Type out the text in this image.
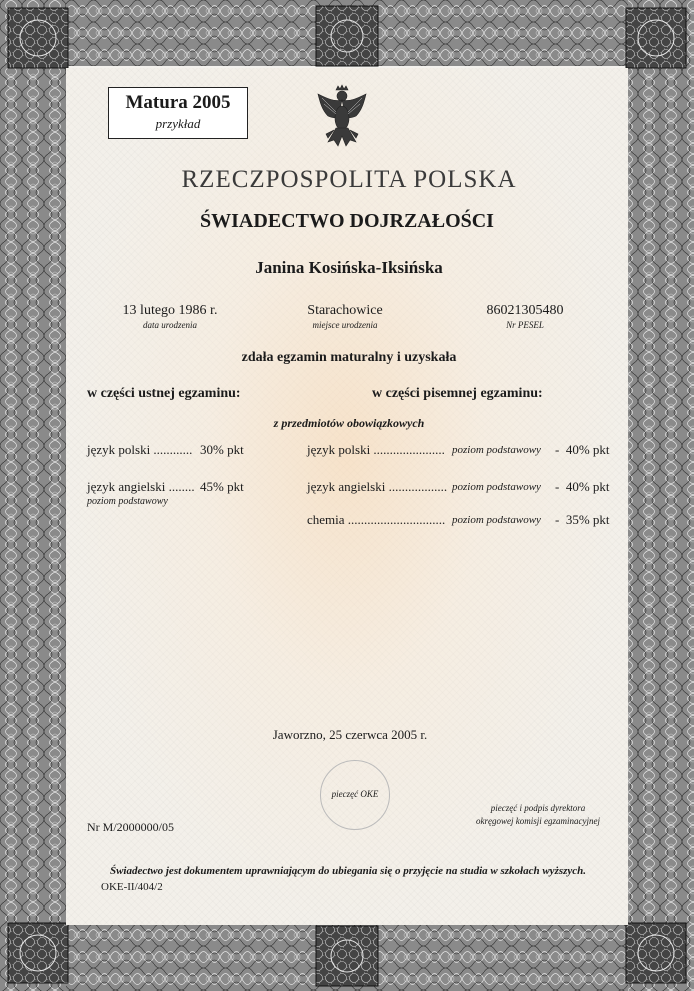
Matura 2005
przykład
RZECZPOSPOLITA POLSKA
ŚWIADECTWO DOJRZAŁOŚCI
Janina Kosińska-Iksińska
13 lutego 1986 r.
data urodzenia
Starachowice
miejsce urodzenia
86021305480
Nr PESEL
zdała egzamin maturalny i uzyskała
w części ustnej egzaminu:	w części pisemnej egzaminu:
z przedmiotów obowiązkowych
język polski ............ 30% pkt
język angielski ........ 45% pkt
poziom podstawowy
język polski ...................... poziom podstawowy -  40% pkt
język angielski .................. poziom podstawowy -  40% pkt
chemia .............................. poziom podstawowy -  35% pkt
Jaworzno, 25 czerwca 2005 r.
pieczęć OKE
pieczęć i podpis dyrektora
okręgowej komisji egzaminacyjnej
Nr M/2000000/05
Świadectwo jest dokumentem uprawniającym do ubiegania się o przyjęcie na studia w szkołach wyższych.
OKE-II/404/2
